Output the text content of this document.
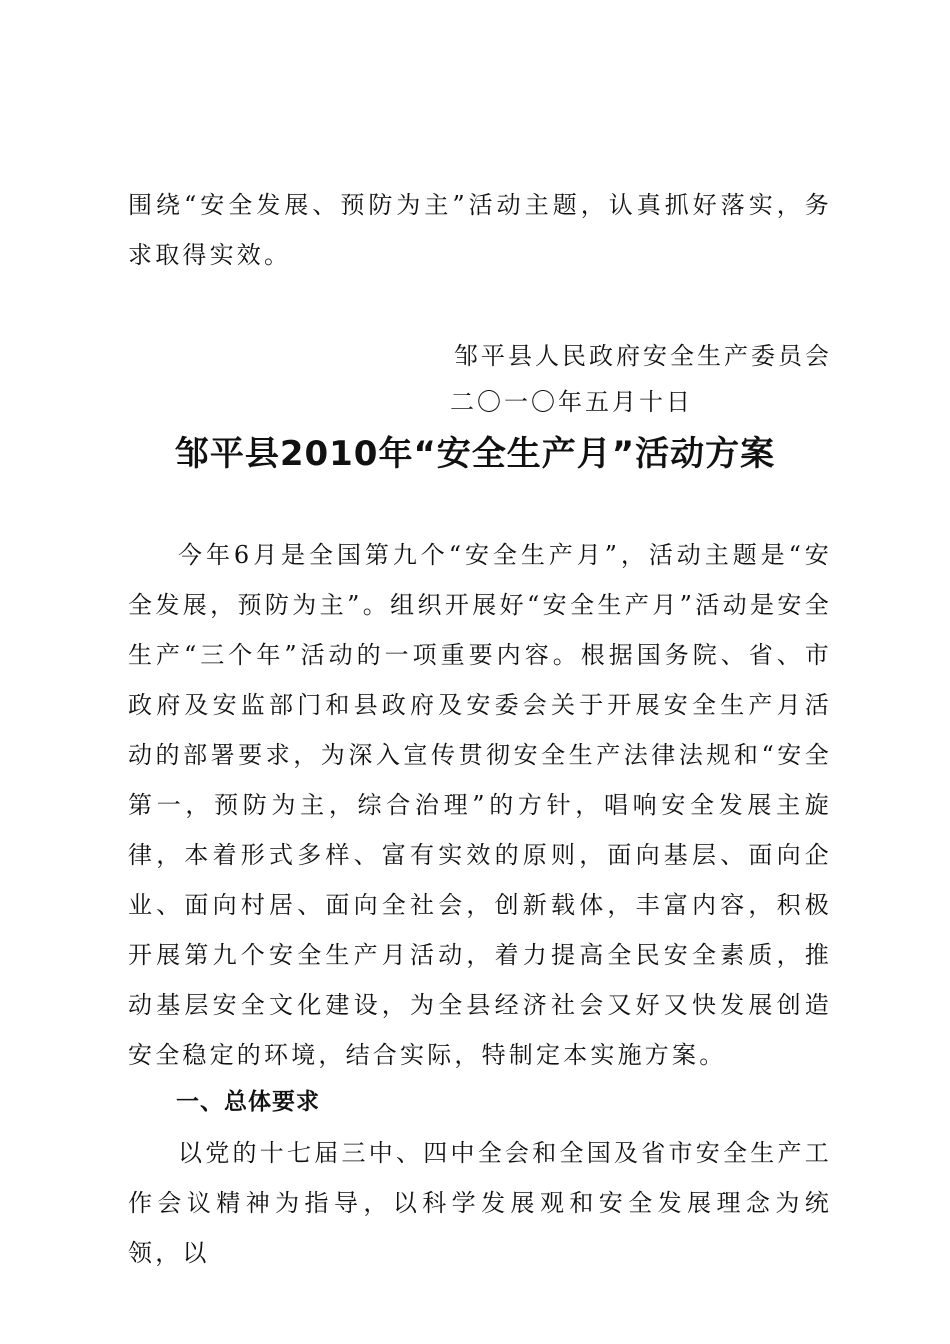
围绕“安全发展、预防为主”活动主题，认真抓好落实，务求取得实效。
邹平县人民政府安全生产委员会
二〇一〇年五月十日
邹平县2010年“安全生产月”活动方案
今年6月是全国第九个“安全生产月”，活动主题是“安全发展，预防为主”。组织开展好“安全生产月”活动是安全生产“三个年”活动的一项重要内容。根据国务院、省、市政府及安监部门和县政府及安委会关于开展安全生产月活动的部署要求，为深入宣传贯彻安全生产法律法规和“安全第一，预防为主，综合治理”的方针，唱响安全发展主旋律，本着形式多样、富有实效的原则，面向基层、面向企业、面向村居、面向全社会，创新载体，丰富内容，积极开展第九个安全生产月活动，着力提高全民安全素质，推动基层安全文化建设，为全县经济社会又好又快发展创造安全稳定的环境，结合实际，特制定本实施方案。
一、总体要求
以党的十七届三中、四中全会和全国及省市安全生产工作会议精神为指导，以科学发展观和安全发展理念为统领，以
